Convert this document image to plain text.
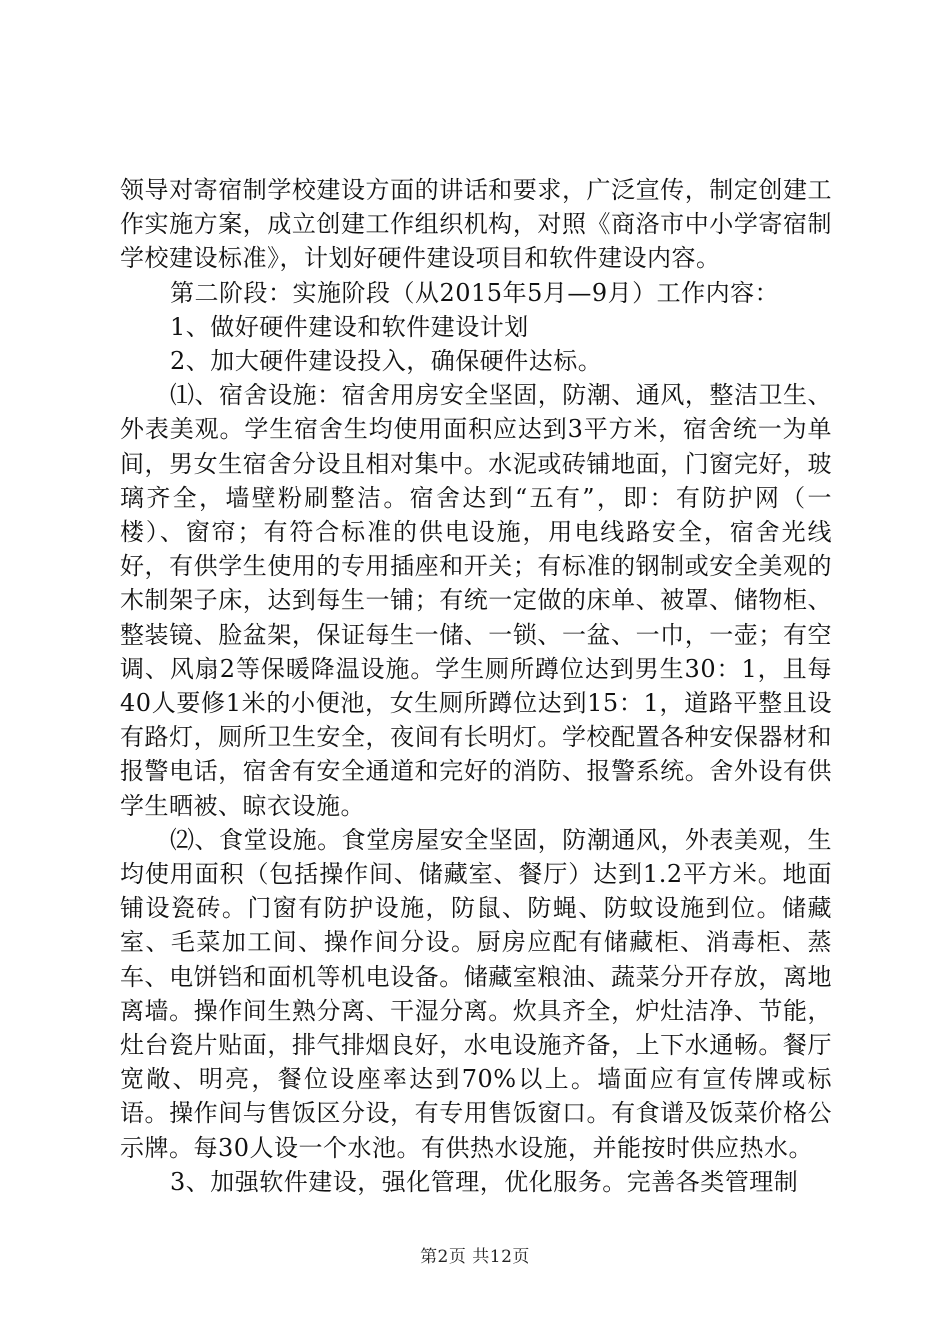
领导对寄宿制学校建设方面的讲话和要求，广泛宣传，制定创建工作实施方案，成立创建工作组织机构，对照《商洛市中小学寄宿制学校建设标准》，计划好硬件建设项目和软件建设内容。

第二阶段：实施阶段（从2015年5月—9月）工作内容：

1、做好硬件建设和软件建设计划

2、加大硬件建设投入，确保硬件达标。

⑴、宿舍设施：宿舍用房安全坚固，防潮、通风，整洁卫生、外表美观。学生宿舍生均使用面积应达到3平方米，宿舍统一为单间，男女生宿舍分设且相对集中。水泥或砖铺地面，门窗完好，玻璃齐全，墙壁粉刷整洁。宿舍达到“五有”，即：有防护网（一楼）、窗帘；有符合标准的供电设施，用电线路安全，宿舍光线好，有供学生使用的专用插座和开关；有标准的钢制或安全美观的木制架子床，达到每生一铺；有统一定做的床单、被罩、储物柜、整装镜、脸盆架，保证每生一储、一锁、一盆、一巾，一壶；有空调、风扇2等保暖降温设施。学生厕所蹲位达到男生30：1，且每40人要修1米的小便池，女生厕所蹲位达到15：1，道路平整且设有路灯，厕所卫生安全，夜间有长明灯。学校配置各种安保器材和报警电话，宿舍有安全通道和完好的消防、报警系统。舍外设有供学生晒被、晾衣设施。

⑵、食堂设施。食堂房屋安全坚固，防潮通风，外表美观，生均使用面积（包括操作间、储藏室、餐厅）达到1.2平方米。地面铺设瓷砖。门窗有防护设施，防鼠、防蝇、防蚊设施到位。储藏室、毛菜加工间、操作间分设。厨房应配有储藏柜、消毒柜、蒸车、电饼铛和面机等机电设备。储藏室粮油、蔬菜分开存放，离地离墙。操作间生熟分离、干湿分离。炊具齐全，炉灶洁净、节能，灶台瓷片贴面，排气排烟良好，水电设施齐备，上下水通畅。餐厅宽敞、明亮，餐位设座率达到70%以上。墙面应有宣传牌或标语。操作间与售饭区分设，有专用售饭窗口。有食谱及饭菜价格公示牌。每30人设一个水池。有供热水设施，并能按时供应热水。

3、加强软件建设，强化管理，优化服务。完善各类管理制

第2页 共12页
